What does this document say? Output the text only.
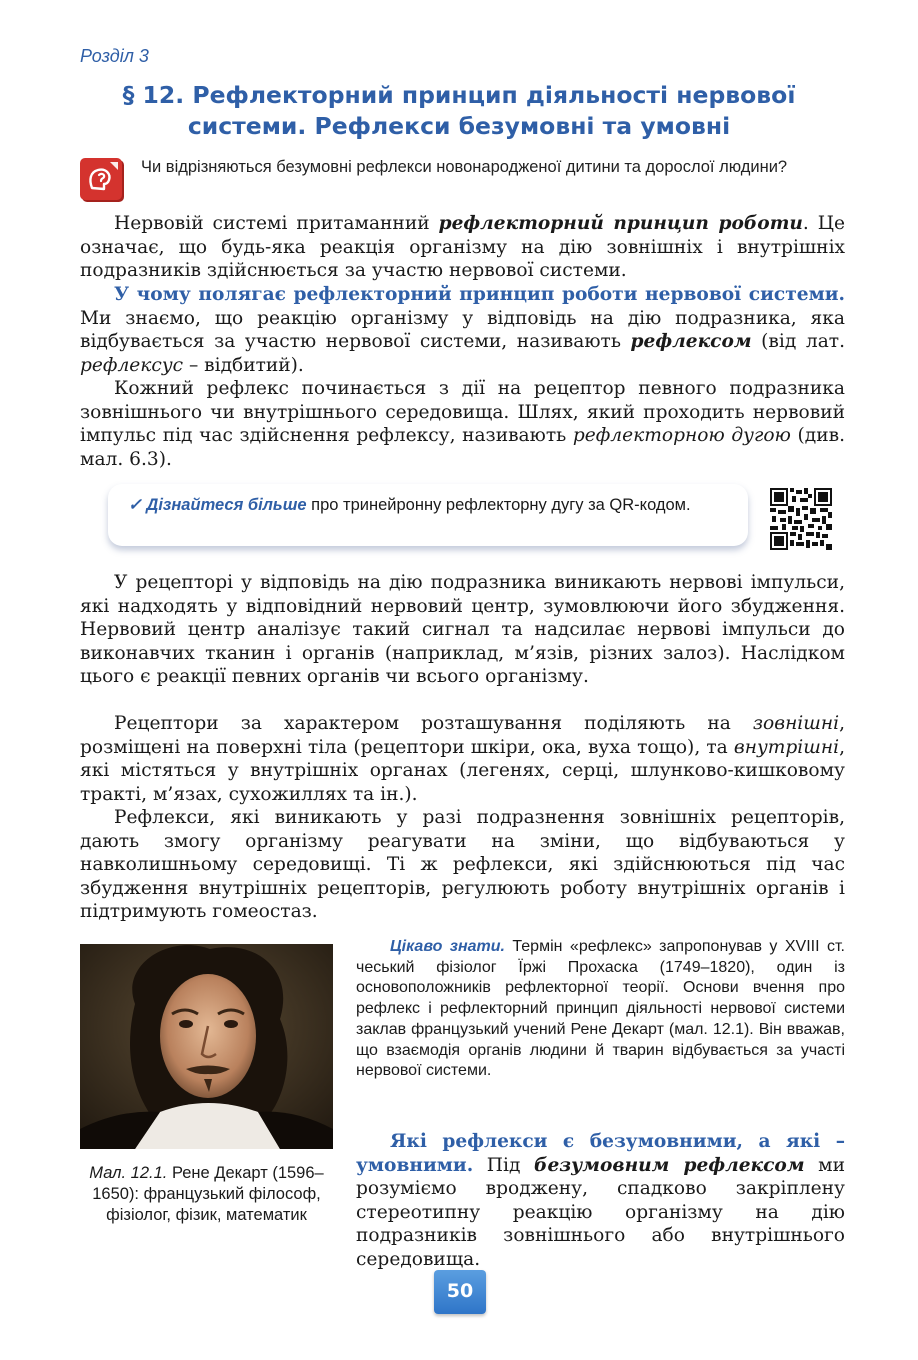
Розділ 3
§ 12. Рефлекторний принцип діяльності нервової
системи. Рефлекси безумовні та умовні
Чи відрізняються безумовні рефлекси новонародженої дитини та дорослої людини?

Нервовій системі притаманний рефлекторний принцип роботи. Це означає, що будь-яка реакція організму на дію зовнішніх і внутрішніх подразників здійснюється за участю нервової системи.

У чому полягає рефлекторний принцип роботи нервової системи. Ми знаємо, що реакцію організму у відповідь на дію подразника, яка відбувається за участю нервової системи, називають рефлексом (від лат. рефлексус – відбитий).

Кожний рефлекс починається з дії на рецептор певного подразника зовнішнього чи внутрішнього середовища. Шлях, який проходить нервовий імпульс під час здійснення рефлексу, називають рефлекторною дугою (див. мал. 6.3).

✓ Дізнайтеся більше про тринейронну рефлекторну дугу за QR-кодом.

У рецепторі у відповідь на дію подразника виникають нервові імпульси, які надходять у відповідний нервовий центр, зумовлюючи його збудження. Нервовий центр аналізує такий сигнал та надсилає нервові імпульси до виконавчих тканин і органів (наприклад, м’язів, різних залоз). Наслідком цього є реакції певних органів чи всього організму.

Рецептори за характером розташування поділяють на зовнішні, розміщені на поверхні тіла (рецептори шкіри, ока, вуха тощо), та внутрішні, які містяться у внутрішніх органах (легенях, серці, шлунково-кишковому тракті, м’язах, сухожиллях та ін.).

Рефлекси, які виникають у разі подразнення зовнішніх рецепторів, дають змогу організму реагувати на зміни, що відбуваються у навколишньому середовищі. Ті ж рефлекси, які здійснюються під час збудження внутрішніх рецепторів, регулюють роботу внутрішніх органів і підтримують гомеостаз.

Мал. 12.1. Рене Декарт (1596–1650): французький філософ, фізіолог, фізик, математик
Цікаво знати. Термін «рефлекс» запропонував у XVIII ст. чеський фізіолог Їржі Прохаска (1749–1820), один із основоположників рефлекторної теорії. Основи вчення про рефлекс і рефлекторний принцип діяльності нервової системи заклав французький учений Рене Декарт (мал. 12.1). Він вважав, що взаємодія органів людини й тварин відбувається за участі нервової системи.

Які рефлекси є безумовними, а які – умовними. Під безумовним рефлексом ми розуміємо вроджену, спадково закріплену стереотипну реакцію організму на дію подразників зовнішнього або внутрішнього середовища.

50
